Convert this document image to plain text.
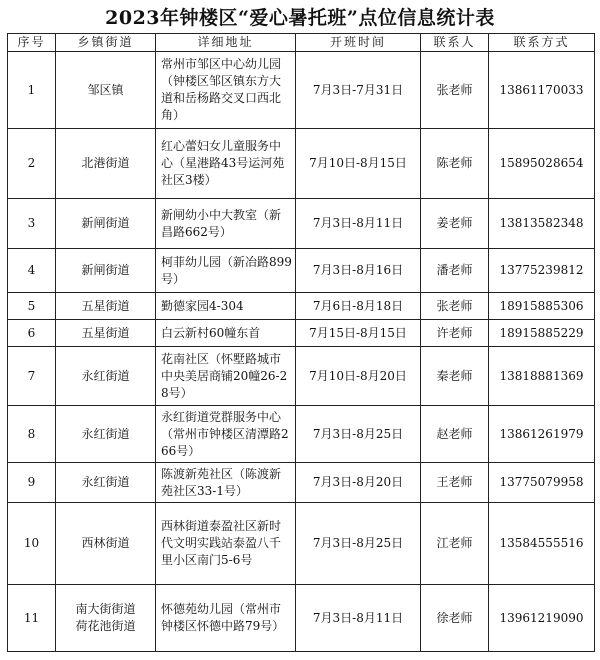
2023年钟楼区“爱心暑托班”点位信息统计表
序号	乡镇街道	详细地址	开班时间	联系人	联系方式
1	邹区镇	常州市邹区中心幼儿园（钟楼区邹区镇东方大道和岳杨路交叉口西北角）	7月3日-7月31日	张老师	13861170033
2	北港街道	红心蕾妇女儿童服务中心（星港路43号运河苑社区3楼）	7月10日-8月15日	陈老师	15895028654
3	新闸街道	新闸幼小中大教室（新昌路662号）	7月3日-8月11日	姜老师	13813582348
4	新闸街道	柯菲幼儿园（新冶路899号）	7月3日-8月16日	潘老师	13775239812
5	五星街道	勤德家园4-304	7月6日-8月18日	张老师	18915885306
6	五星街道	白云新村60幢东首	7月15日-8月15日	许老师	18915885229
7	永红街道	花南社区（怀墅路城市中央美居商铺20幢26-28号）	7月10日-8月20日	秦老师	13818881369
8	永红街道	永红街道党群服务中心（常州市钟楼区清潭路266号）	7月3日-8月25日	赵老师	13861261979
9	永红街道	陈渡新苑社区（陈渡新苑社区33-1号）	7月3日-8月20日	王老师	13775079958
10	西林街道	西林街道泰盈社区新时代文明实践站泰盈八千里小区南门5-6号	7月3日-8月25日	江老师	13584555516
11	南大街街道荷花池街道	怀德苑幼儿园（常州市钟楼区怀德中路79号）	7月3日-8月11日	徐老师	13961219090
